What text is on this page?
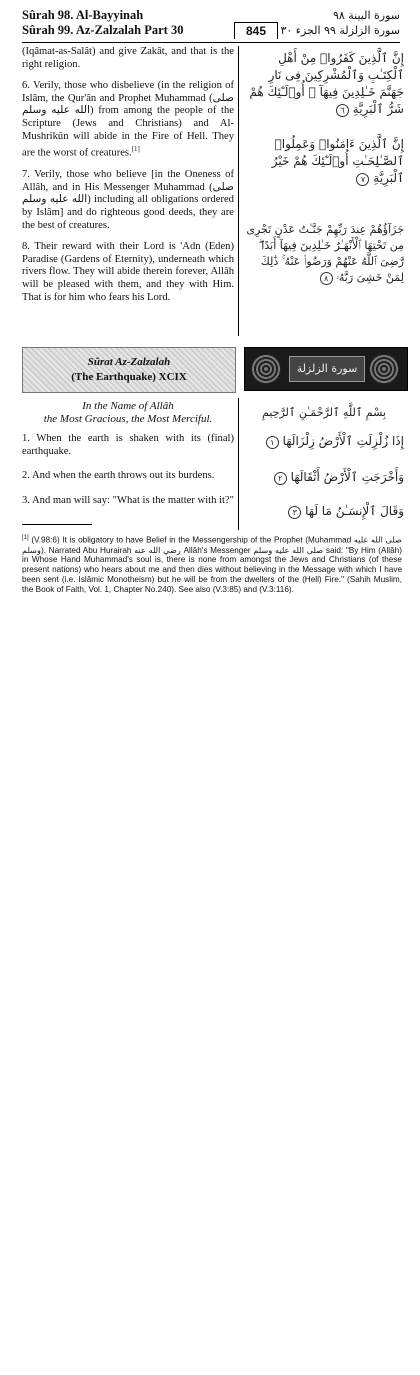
Sûrah 98. Al-Bayyinah
Sûrah 99. Az-Zalzalah Part 30	845
سورة البينة ٩٨
سورة الزلزلة ٩٩ الجزء ٣٠

(Iqâmat-as-Salât) and give Zakât, and that is the right religion.

6. Verily, those who disbelieve (in the religion of Islâm, the Qur'ân and Prophet Muhammad (صلى الله عليه وسلم) from among the people of the Scripture (Jews and Christians) and Al-Mushrikûn will abide in the Fire of Hell. They are the worst of creatures.[1]

7. Verily, those who believe [in the Oneness of Allâh, and in His Messenger Muhammad (صلى الله عليه وسلم) including all obligations ordered by Islâm] and do righteous good deeds, they are the best of creatures.

8. Their reward with their Lord is 'Adn (Eden) Paradise (Gardens of Eternity), underneath which rivers flow. They will abide therein forever, Allâh will be pleased with them, and they with Him. That is for him who fears his Lord.

إِنَّ ٱلَّذِينَ كَفَرُوا۟ مِنْ أَهْلِ ٱلْكِتَـٰبِ وَٱلْمُشْرِكِينَ فِى نَارِ جَهَنَّمَ خَـٰلِدِينَ فِيهَآ ۚ أُو۟لَـٰٓئِكَ هُمْ شَرُّ ٱلْبَرِيَّةِ ٦
إِنَّ ٱلَّذِينَ ءَامَنُوا۟ وَعَمِلُوا۟ ٱلصَّـٰلِحَـٰتِ أُو۟لَـٰٓئِكَ هُمْ خَيْرُ ٱلْبَرِيَّةِ ٧
جَزَآؤُهُمْ عِندَ رَبِّهِمْ جَنَّـٰتُ عَدْنٍ تَجْرِى مِن تَحْتِهَا ٱلْأَنْهَـٰرُ خَـٰلِدِينَ فِيهَآ أَبَدًا ۖ رَّضِىَ ٱللَّهُ عَنْهُمْ وَرَضُوا۟ عَنْهُ ۚ ذَٰلِكَ لِمَنْ خَشِىَ رَبَّهُۥ ٨
Sûrat Az-Zalzalah
(The Earthquake) XCIX
سورة الزلزلة
In the Name of Allâh
the Most Gracious, the Most Merciful.	بِسْمِ ٱللَّهِ ٱلرَّحْمَـٰنِ ٱلرَّحِيمِ

1. When the earth is shaken with its (final) earthquake.

2. And when the earth throws out its burdens.

3. And man will say: "What is the matter with it?"

إِذَا زُلْزِلَتِ ٱلْأَرْضُ زِلْزَالَهَا ١
وَأَخْرَجَتِ ٱلْأَرْضُ أَثْقَالَهَا ٢
وَقَالَ ٱلْإِنسَـٰنُ مَا لَهَا ٣
[1] (V.98:6) It is obligatory to have Belief in the Messengership of the Prophet (Muhammad صلى الله عليه وسلم). Narrated Abu Hurairah رضي الله عنه Allâh's Messenger صلى الله عليه وسلم said: "By Him (Allâh) in Whose Hand Muhammad's soul is, there is none from amongst the Jews and Christians (of these present nations) who hears about me and then dies without believing in the Message with which I have been sent (i.e. Islâmic Monotheism) but he will be from the dwellers of the (Hell) Fire." (Sahih Muslim, the Book of Faith, Vol. 1, Chapter No.240). See also (V.3:85) and (V.3:116).
